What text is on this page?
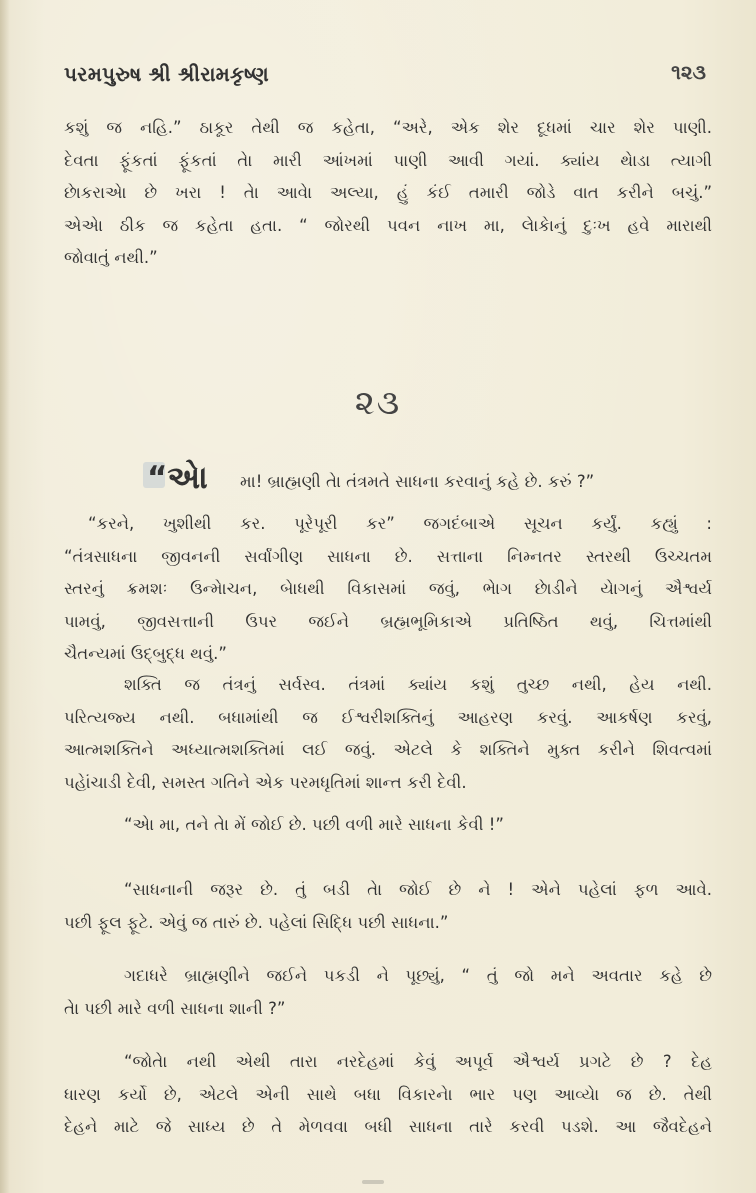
પરમપુરુષ શ્રી શ્રીરામકૃષ્ણ	૧૨૩
કશું જ નહિ.” ઠાકૂર તેથી જ કહેતા, “અરે, એક શેર દૂધમાં ચાર શેર પાણી.
દેવતા ફૂંકતાં ફૂંકતાં તેા મારી આંખમાં પાણી આવી ગયાં. ક્યાંય થેાડા ત્યાગી
છેાકરાએા છે ખરા ! તેા આવેા અલ્યા, હું કંઈ તમારી જોડે વાત કરીને બચું.”
એએા ઠીક જ કહેતા હતા. “ જોરથી પવન નાખ મા, લેાકેાનું દુઃખ હવે મારાથી
જોવાતું નથી.”
૨૩
“એા મા! બ્રાહ્મણી તેા તંત્રમતે સાધના કરવાનું કહે છે. કરું ?”
“કરને, ખુશીથી કર. પૂરેપૂરી કર” જગદંબાએ સૂચન કર્યું. કહ્યું :
“તંત્રસાધના જીવનની સર્વાંગીણ સાધના છે. સત્તાના નિમ્નતર સ્તરથી ઉચ્ચતમ
સ્તરનું ક્રમશઃ ઉન્મેાચન, બેાધથી વિકાસમાં જવું, ભેાગ છેાડીને યેાગનું ઐશ્વર્ય
પામવું, જીવસત્તાની ઉપર જઈને બ્રહ્મભૂમિકાએ પ્રતિષ્ઠિત થવું, ચિત્તમાંથી
ચૈતન્યમાં ઉદ્બુદ્ધ થવું.”
શક્તિ જ તંત્રનું સર્વસ્વ. તંત્રમાં ક્યાંય કશું તુચ્છ નથી, હેય નથી.
પરિત્યજ્ય નથી. બધામાંથી જ ઈશ્વરીશક્તિનું આહરણ કરવું. આકર્ષણ કરવું,
આત્મશક્તિને અધ્યાત્મશક્તિમાં લઈ જવું. એટલે કે શક્તિને મુક્ત કરીને શિવત્વમાં
પહેાંચાડી દેવી, સમસ્ત ગતિને એક પરમધૃતિમાં શાન્ત કરી દેવી.
“એા મા, તને તેા મેં જોઈ છે. પછી વળી મારે સાધના કેવી !”
“સાધનાની જરૂર છે. તું બડી તેા જોઈ છે ને ! એને પહેલાં ફળ આવે.
પછી ફૂલ ફૂટે. એવું જ તારું છે. પહેલાં સિદ્ધિ પછી સાધના.”
ગદાધરે બ્રાહ્મણીને જઈને પકડી ને પૂછ્યું, “ તું જો મને અવતાર કહે છે
તેા પછી મારે વળી સાધના શાની ?”
“જોતેા નથી એથી તારા નરદેહમાં કેવું અપૂર્વ ઐશ્વર્ય પ્રગટે છે ? દેહ
ધારણ કર્યો છે, એટલે એની સાથે બધા વિકારનેા ભાર પણ આવ્યેા જ છે. તેથી
દેહને માટે જે સાધ્ય છે તે મેળવવા બધી સાધના તારે કરવી પડશે. આ જૈવદેહને
